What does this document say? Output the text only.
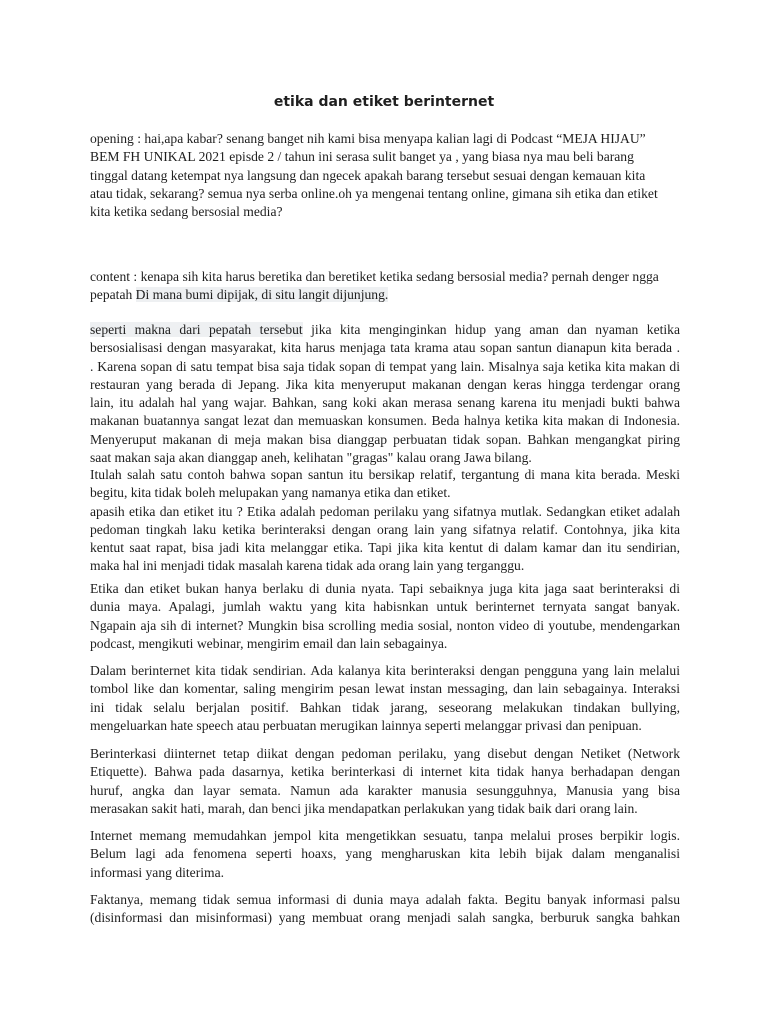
etika dan etiket berinternet
opening : hai,apa kabar? senang banget nih kami bisa menyapa kalian lagi di Podcast “MEJA HIJAU”
BEM FH UNIKAL 2021 episde 2 / tahun ini serasa sulit banget ya , yang biasa nya mau beli barang
tinggal datang ketempat nya langsung dan ngecek apakah barang tersebut sesuai dengan kemauan kita
atau tidak, sekarang? semua nya serba online.oh ya mengenai tentang online, gimana sih etika dan etiket
kita ketika sedang bersosial media?
content : kenapa sih kita harus beretika dan beretiket ketika sedang bersosial media? pernah denger ngga
pepatah Di mana bumi dipijak, di situ langit dijunjung.
seperti makna dari pepatah tersebut jika kita menginginkan hidup yang aman dan nyaman ketika
bersosialisasi dengan masyarakat, kita harus menjaga tata krama atau sopan santun dianapun kita berada .
. Karena sopan di satu tempat bisa saja tidak sopan di tempat yang lain. Misalnya saja ketika kita makan di
restauran yang berada di Jepang. Jika kita menyeruput makanan dengan keras hingga terdengar orang
lain, itu adalah hal yang wajar. Bahkan, sang koki akan merasa senang karena itu menjadi bukti bahwa
makanan buatannya sangat lezat dan memuaskan konsumen. Beda halnya ketika kita makan di Indonesia.
Menyeruput makanan di meja makan bisa dianggap perbuatan tidak sopan. Bahkan mengangkat piring
saat makan saja akan dianggap aneh, kelihatan "gragas" kalau orang Jawa bilang.
Itulah salah satu contoh bahwa sopan santun itu bersikap relatif, tergantung di mana kita berada. Meski
begitu, kita tidak boleh melupakan yang namanya etika dan etiket.
apasih etika dan etiket itu ? Etika adalah pedoman perilaku yang sifatnya mutlak. Sedangkan etiket adalah
pedoman tingkah laku ketika berinteraksi dengan orang lain yang sifatnya relatif. Contohnya, jika kita
kentut saat rapat, bisa jadi kita melanggar etika. Tapi jika kita kentut di dalam kamar dan itu sendirian,
maka hal ini menjadi tidak masalah karena tidak ada orang lain yang terganggu.
Etika dan etiket bukan hanya berlaku di dunia nyata. Tapi sebaiknya juga kita jaga saat berinteraksi di
dunia maya. Apalagi, jumlah waktu yang kita habisnkan untuk berinternet ternyata sangat banyak.
Ngapain aja sih di internet? Mungkin bisa scrolling media sosial, nonton video di youtube, mendengarkan
podcast, mengikuti webinar, mengirim email dan lain sebagainya.
Dalam berinternet kita tidak sendirian. Ada kalanya kita berinteraksi dengan pengguna yang lain melalui
tombol like dan komentar, saling mengirim pesan lewat instan messaging, dan lain sebagainya. Interaksi
ini tidak selalu berjalan positif. Bahkan tidak jarang, seseorang melakukan tindakan bullying,
mengeluarkan hate speech atau perbuatan merugikan lainnya seperti melanggar privasi dan penipuan.
Berinterkasi diinternet tetap diikat dengan pedoman perilaku, yang disebut dengan Netiket (Network
Etiquette). Bahwa pada dasarnya, ketika berinterkasi di internet kita tidak hanya berhadapan dengan
huruf, angka dan layar semata. Namun ada karakter manusia sesungguhnya, Manusia yang bisa
merasakan sakit hati, marah, dan benci jika mendapatkan perlakukan yang tidak baik dari orang lain.
Internet memang memudahkan jempol kita mengetikkan sesuatu, tanpa melalui proses berpikir logis.
Belum lagi ada fenomena seperti hoaxs, yang mengharuskan kita lebih bijak dalam menganalisi
informasi yang diterima.
Faktanya, memang tidak semua informasi di dunia maya adalah fakta. Begitu banyak informasi palsu
(disinformasi dan misinformasi) yang membuat orang menjadi salah sangka, berburuk sangka bahkan
